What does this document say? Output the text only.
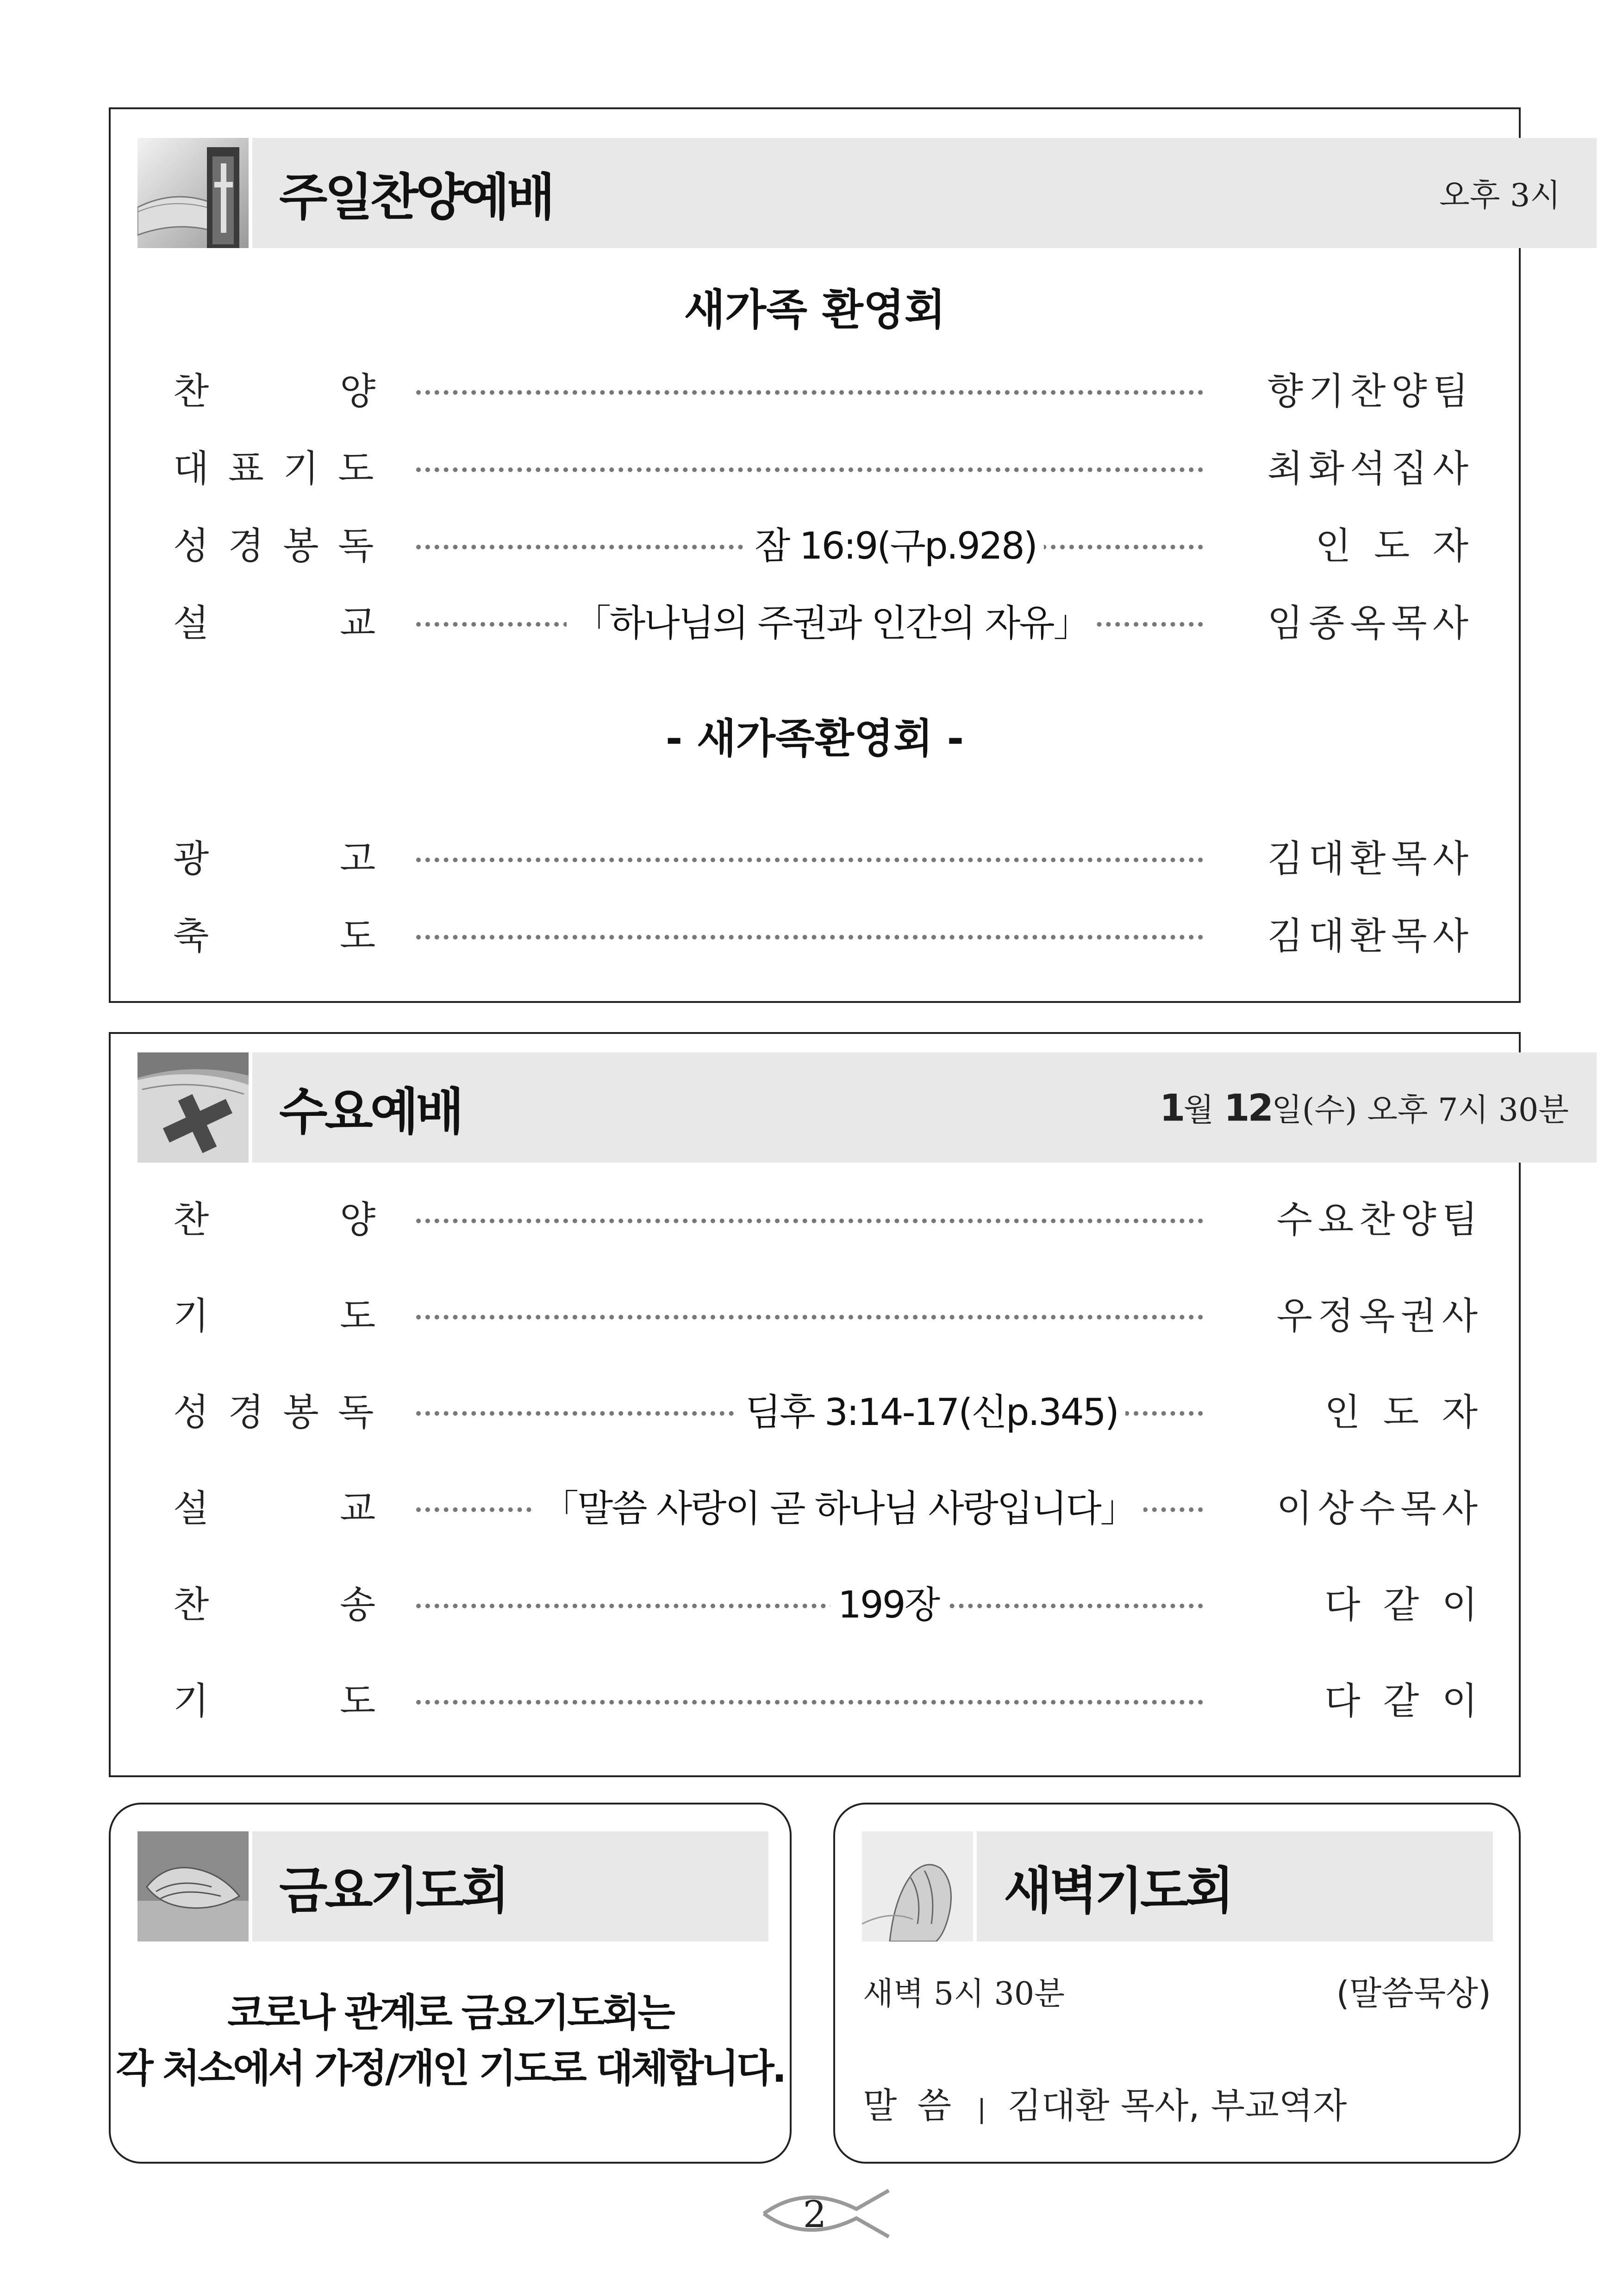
주일찬양예배	오후 3시
새가족 환영회
찬	양	향기찬양팀
대 표 기 도	최화석집사
성 경 봉 독	잠 16:9(구p.928)	인 도 자
설	교	「하나님의 주권과 인간의 자유」	임종옥목사
- 새가족환영회 -
광	고	김대환목사
축	도	김대환목사
수요예배	1월 12일(수) 오후 7시 30분
찬	양	수요찬양팀
기	도	우정옥권사
성 경 봉 독	딤후 3:14-17(신p.345)	인 도 자
설	교	「말씀 사랑이 곧 하나님 사랑입니다」	이상수목사
찬	송	199장	다 같 이
기	도	다 같 이
금요기도회
코로나 관계로 금요기도회는
각 처소에서 가정/개인 기도로 대체합니다.
새벽기도회
새벽 5시 30분	(말씀묵상)
말 씀 | 김대환 목사, 부교역자
2
